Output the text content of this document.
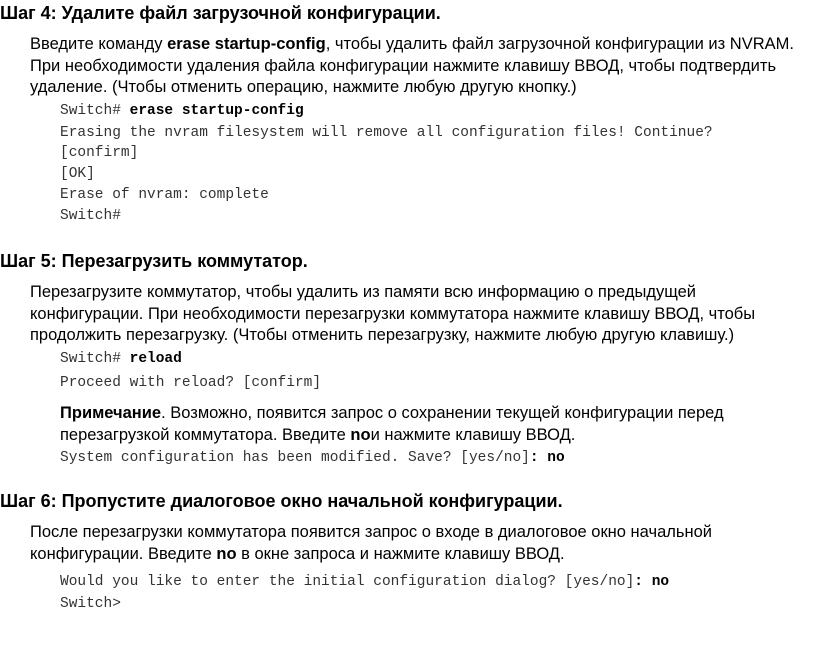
Шаг 4: Удалите файл загрузочной конфигурации.
Введите команду erase startup-config, чтобы удалить файл загрузочной конфигурации из NVRAM. При необходимости удаления файла конфигурации нажмите клавишу ВВОД, чтобы подтвердить удаление. (Чтобы отменить операцию, нажмите любую другую кнопку.)
Switch# erase startup-config
Erasing the nvram filesystem will remove all configuration files! Continue?
[confirm]
[OK]
Erase of nvram: complete
Switch#
Шаг 5: Перезагрузить коммутатор.
Перезагрузите коммутатор, чтобы удалить из памяти всю информацию о предыдущей конфигурации. При необходимости перезагрузки коммутатора нажмите клавишу ВВОД, чтобы продолжить перезагрузку. (Чтобы отменить перезагрузку, нажмите любую другую клавишу.)
Switch# reload
Proceed with reload? [confirm]
Примечание. Возможно, появится запрос о сохранении текущей конфигурации перед перезагрузкой коммутатора. Введите noи нажмите клавишу ВВОД.
System configuration has been modified. Save? [yes/no]: no
Шаг 6: Пропустите диалоговое окно начальной конфигурации.
После перезагрузки коммутатора появится запрос о входе в диалоговое окно начальной конфигурации. Введите no в окне запроса и нажмите клавишу ВВОД.
Would you like to enter the initial configuration dialog? [yes/no]: no
Switch>
